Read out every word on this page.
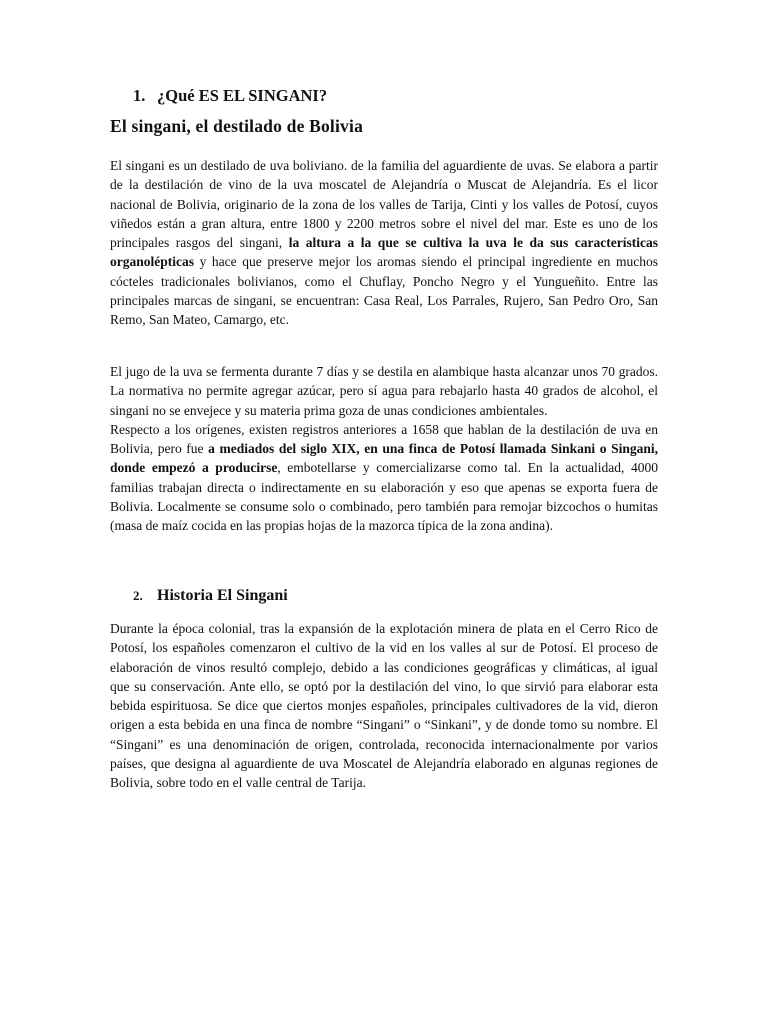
1. ¿Qué ES EL SINGANI?
El singani, el destilado de Bolivia

El singani es un destilado de uva boliviano. de la familia del aguardiente de uvas. Se elabora a partir de la destilación de vino de la uva moscatel de Alejandría o Muscat de Alejandría. Es el licor nacional de Bolivia, originario de la zona de los valles de Tarija, Cinti y los valles de Potosí, cuyos viñedos están a gran altura, entre 1800 y 2200 metros sobre el nivel del mar. Este es uno de los principales rasgos del singani, la altura a la que se cultiva la uva le da sus características organolépticas y hace que preserve mejor los aromas siendo el principal ingrediente en muchos cócteles tradicionales bolivianos, como el Chuflay, Poncho Negro y el Yungueñito. Entre las principales marcas de singani, se encuentran: Casa Real, Los Parrales, Rujero, San Pedro Oro, San Remo, San Mateo, Camargo, etc.

El jugo de la uva se fermenta durante 7 días y se destila en alambique hasta alcanzar unos 70 grados. La normativa no permite agregar azúcar, pero sí agua para rebajarlo hasta 40 grados de alcohol, el singani no se envejece y su materia prima goza de unas condiciones ambientales.

Respecto a los orígenes, existen registros anteriores a 1658 que hablan de la destilación de uva en Bolivia, pero fue a mediados del siglo XIX, en una finca de Potosí llamada Sinkani o Singani, donde empezó a producirse, embotellarse y comercializarse como tal. En la actualidad, 4000 familias trabajan directa o indirectamente en su elaboración y eso que apenas se exporta fuera de Bolivia. Localmente se consume solo o combinado, pero también para remojar bizcochos o humitas (masa de maíz cocida en las propias hojas de la mazorca típica de la zona andina).

2. Historia El Singani

Durante la época colonial, tras la expansión de la explotación minera de plata en el Cerro Rico de Potosí, los españoles comenzaron el cultivo de la vid en los valles al sur de Potosí. El proceso de elaboración de vinos resultó complejo, debido a las condiciones geográficas y climáticas, al igual que su conservación. Ante ello, se optó por la destilación del vino, lo que sirvió para elaborar esta bebida espirituosa. Se dice que ciertos monjes españoles, principales cultivadores de la vid, dieron origen a esta bebida en una finca de nombre “Singani” o “Sinkani”, y de donde tomo su nombre. El “Singani” es una denominación de origen, controlada, reconocida internacionalmente por varios países, que designa al aguardiente de uva Moscatel de Alejandría elaborado en algunas regiones de Bolivia, sobre todo en el valle central de Tarija.
